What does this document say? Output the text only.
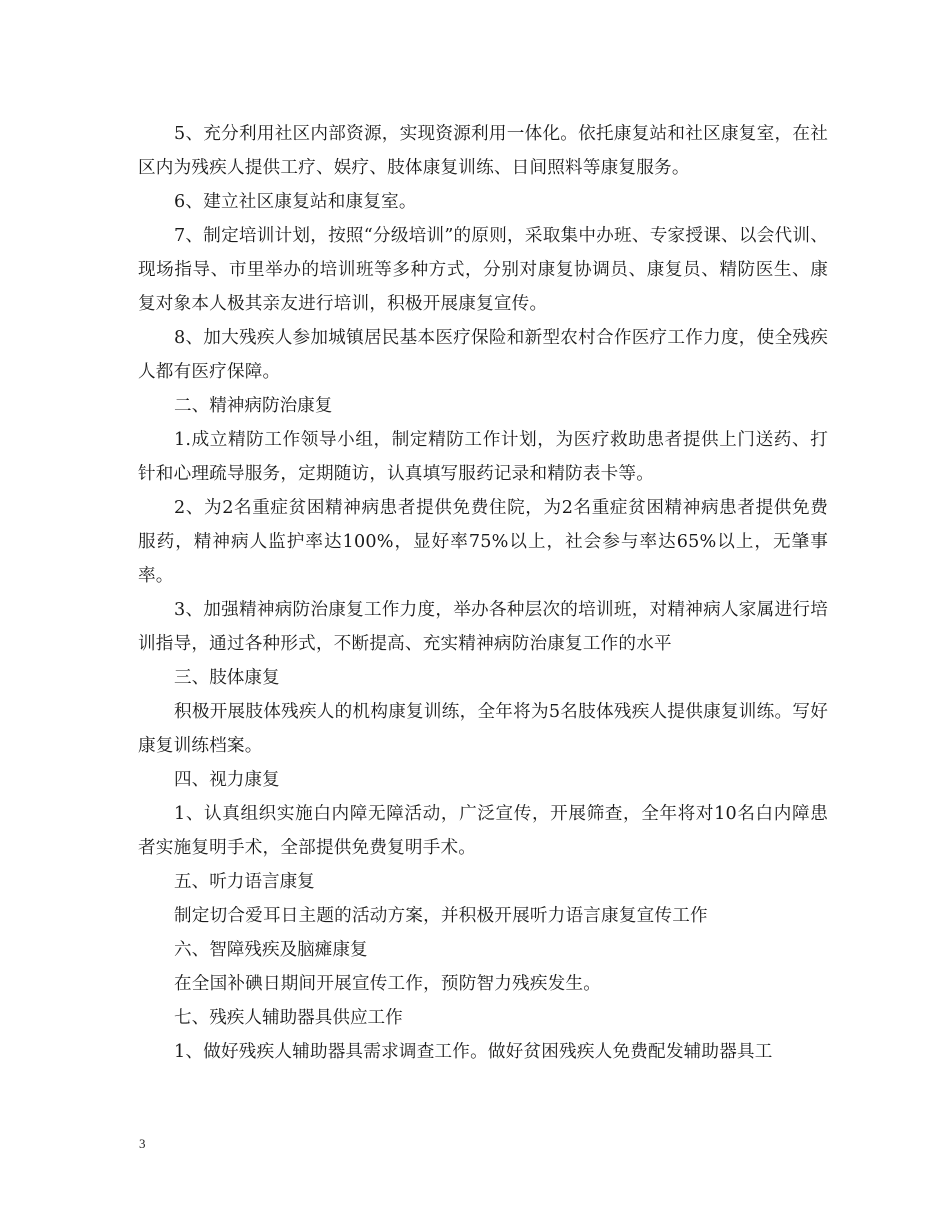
5、充分利用社区内部资源，实现资源利用一体化。依托康复站和社区康复室，在社区内为残疾人提供工疗、娱疗、肢体康复训练、日间照料等康复服务。

6、建立社区康复站和康复室。

7、制定培训计划，按照“分级培训”的原则，采取集中办班、专家授课、以会代训、现场指导、市里举办的培训班等多种方式，分别对康复协调员、康复员、精防医生、康复对象本人极其亲友进行培训，积极开展康复宣传。

8、加大残疾人参加城镇居民基本医疗保险和新型农村合作医疗工作力度，使全残疾人都有医疗保障。

二、精神病防治康复

1.成立精防工作领导小组，制定精防工作计划，为医疗救助患者提供上门送药、打针和心理疏导服务，定期随访，认真填写服药记录和精防表卡等。

2、为2名重症贫困精神病患者提供免费住院，为2名重症贫困精神病患者提供免费服药，精神病人监护率达100%，显好率75%以上，社会参与率达65%以上，无肇事率。

3、加强精神病防治康复工作力度，举办各种层次的培训班，对精神病人家属进行培训指导，通过各种形式，不断提高、充实精神病防治康复工作的水平

三、肢体康复

积极开展肢体残疾人的机构康复训练，全年将为5名肢体残疾人提供康复训练。写好康复训练档案。

四、视力康复

1、认真组织实施白内障无障活动，广泛宣传，开展筛查，全年将对10名白内障患者实施复明手术，全部提供免费复明手术。

五、听力语言康复

制定切合爱耳日主题的活动方案，并积极开展听力语言康复宣传工作

六、智障残疾及脑瘫康复

在全国补碘日期间开展宣传工作，预防智力残疾发生。

七、残疾人辅助器具供应工作

1、做好残疾人辅助器具需求调查工作。做好贫困残疾人免费配发辅助器具工

3
